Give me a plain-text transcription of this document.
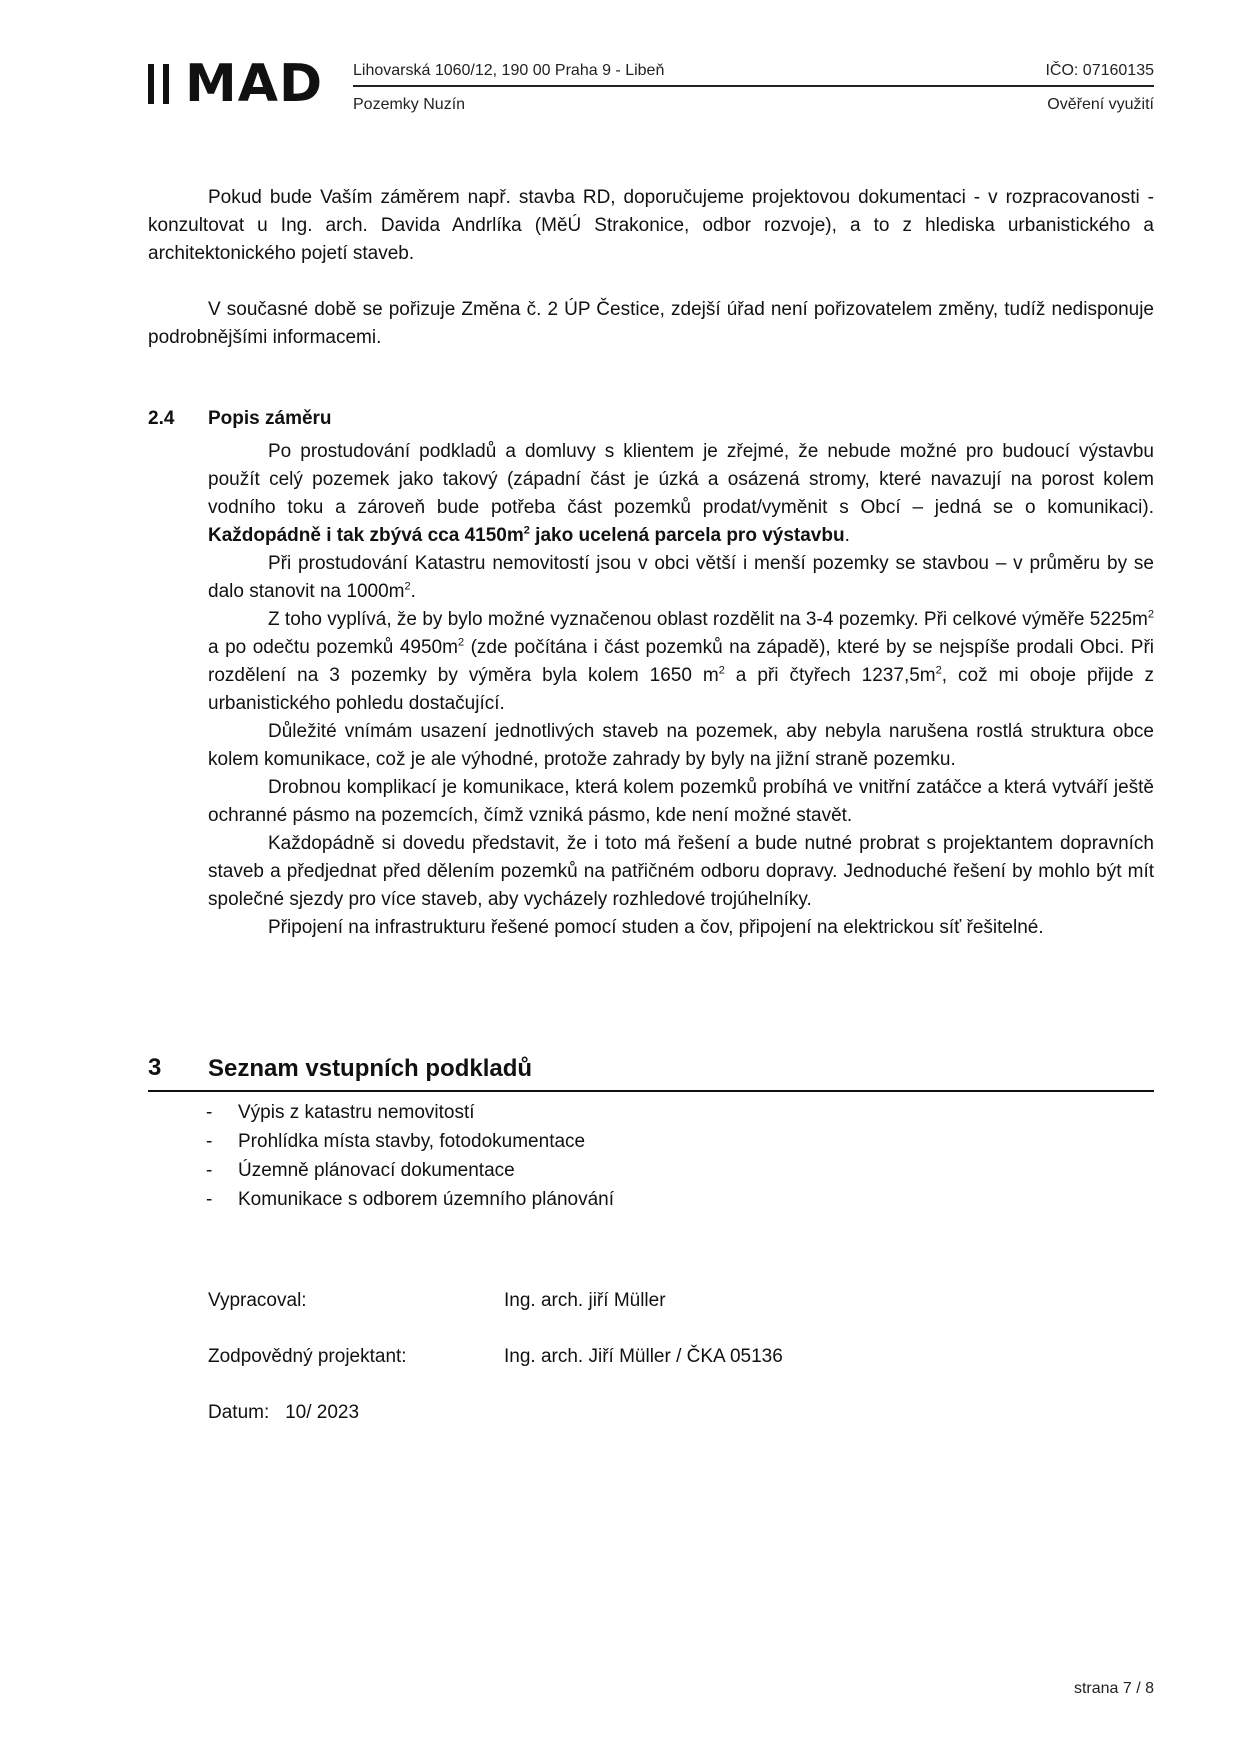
MAD Lihovarská 1060/12, 190 00 Praha 9 - Libeň	IČO: 07160135
Pozemky Nuzín	Ověření využití

Pokud bude Vaším záměrem např. stavba RD, doporučujeme projektovou dokumentaci - v rozpracovanosti - konzultovat u Ing. arch. Davida Andrlíka (MěÚ Strakonice, odbor rozvoje), a to z hlediska urbanistického a architektonického pojetí staveb.

V současné době se pořizuje Změna č. 2 ÚP Čestice, zdejší úřad není pořizovatelem změny, tudíž nedisponuje podrobnějšími informacemi.

2.4 Popis záměru

Po prostudování podkladů a domluvy s klientem je zřejmé, že nebude možné pro budoucí výstavbu použít celý pozemek jako takový (západní část je úzká a osázená stromy, které navazují na porost kolem vodního toku a zároveň bude potřeba část pozemků prodat/vyměnit s Obcí – jedná se o komunikaci). Každopádně i tak zbývá cca $4150m^2$ jako ucelená parcela pro výstavbu.

Při prostudování Katastru nemovitostí jsou v obci větší i menší pozemky se stavbou – v průměru by se dalo stanovit na $1000m^2$.

Z toho vyplívá, že by bylo možné vyznačenou oblast rozdělit na 3-4 pozemky. Při celkové výměře $5225m^2$ a po odečtu pozemků $4950m^2$ (zde počítána i část pozemků na západě), které by se nejspíše prodali Obci. Při rozdělení na 3 pozemky by výměra byla kolem 1650 $m^2$ a při čtyřech $1237,5m^2$, což mi oboje přijde z urbanistického pohledu dostačující.

Důležité vnímám usazení jednotlivých staveb na pozemek, aby nebyla narušena rostlá struktura obce kolem komunikace, což je ale výhodné, protože zahrady by byly na jižní straně pozemku.

Drobnou komplikací je komunikace, která kolem pozemků probíhá ve vnitřní zatáčce a která vytváří ještě ochranné pásmo na pozemcích, čímž vzniká pásmo, kde není možné stavět.

Každopádně si dovedu představit, že i toto má řešení a bude nutné probrat s projektantem dopravních staveb a předjednat před dělením pozemků na patřičném odboru dopravy. Jednoduché řešení by mohlo být mít společné sjezdy pro více staveb, aby vycházely rozhledové trojúhelníky.

Připojení na infrastrukturu řešené pomocí studen a čov, připojení na elektrickou síť řešitelné.

3 Seznam vstupních podkladů
-	Výpis z katastru nemovitostí
-	Prohlídka místa stavby, fotodokumentace
-	Územně plánovací dokumentace
-	Komunikace s odborem územního plánování
Vypracoval:	Ing. arch. jiří Müller
Zodpovědný projektant:	Ing. arch. Jiří Müller / ČKA 05136
Datum: 10/ 2023
strana 7 / 8
